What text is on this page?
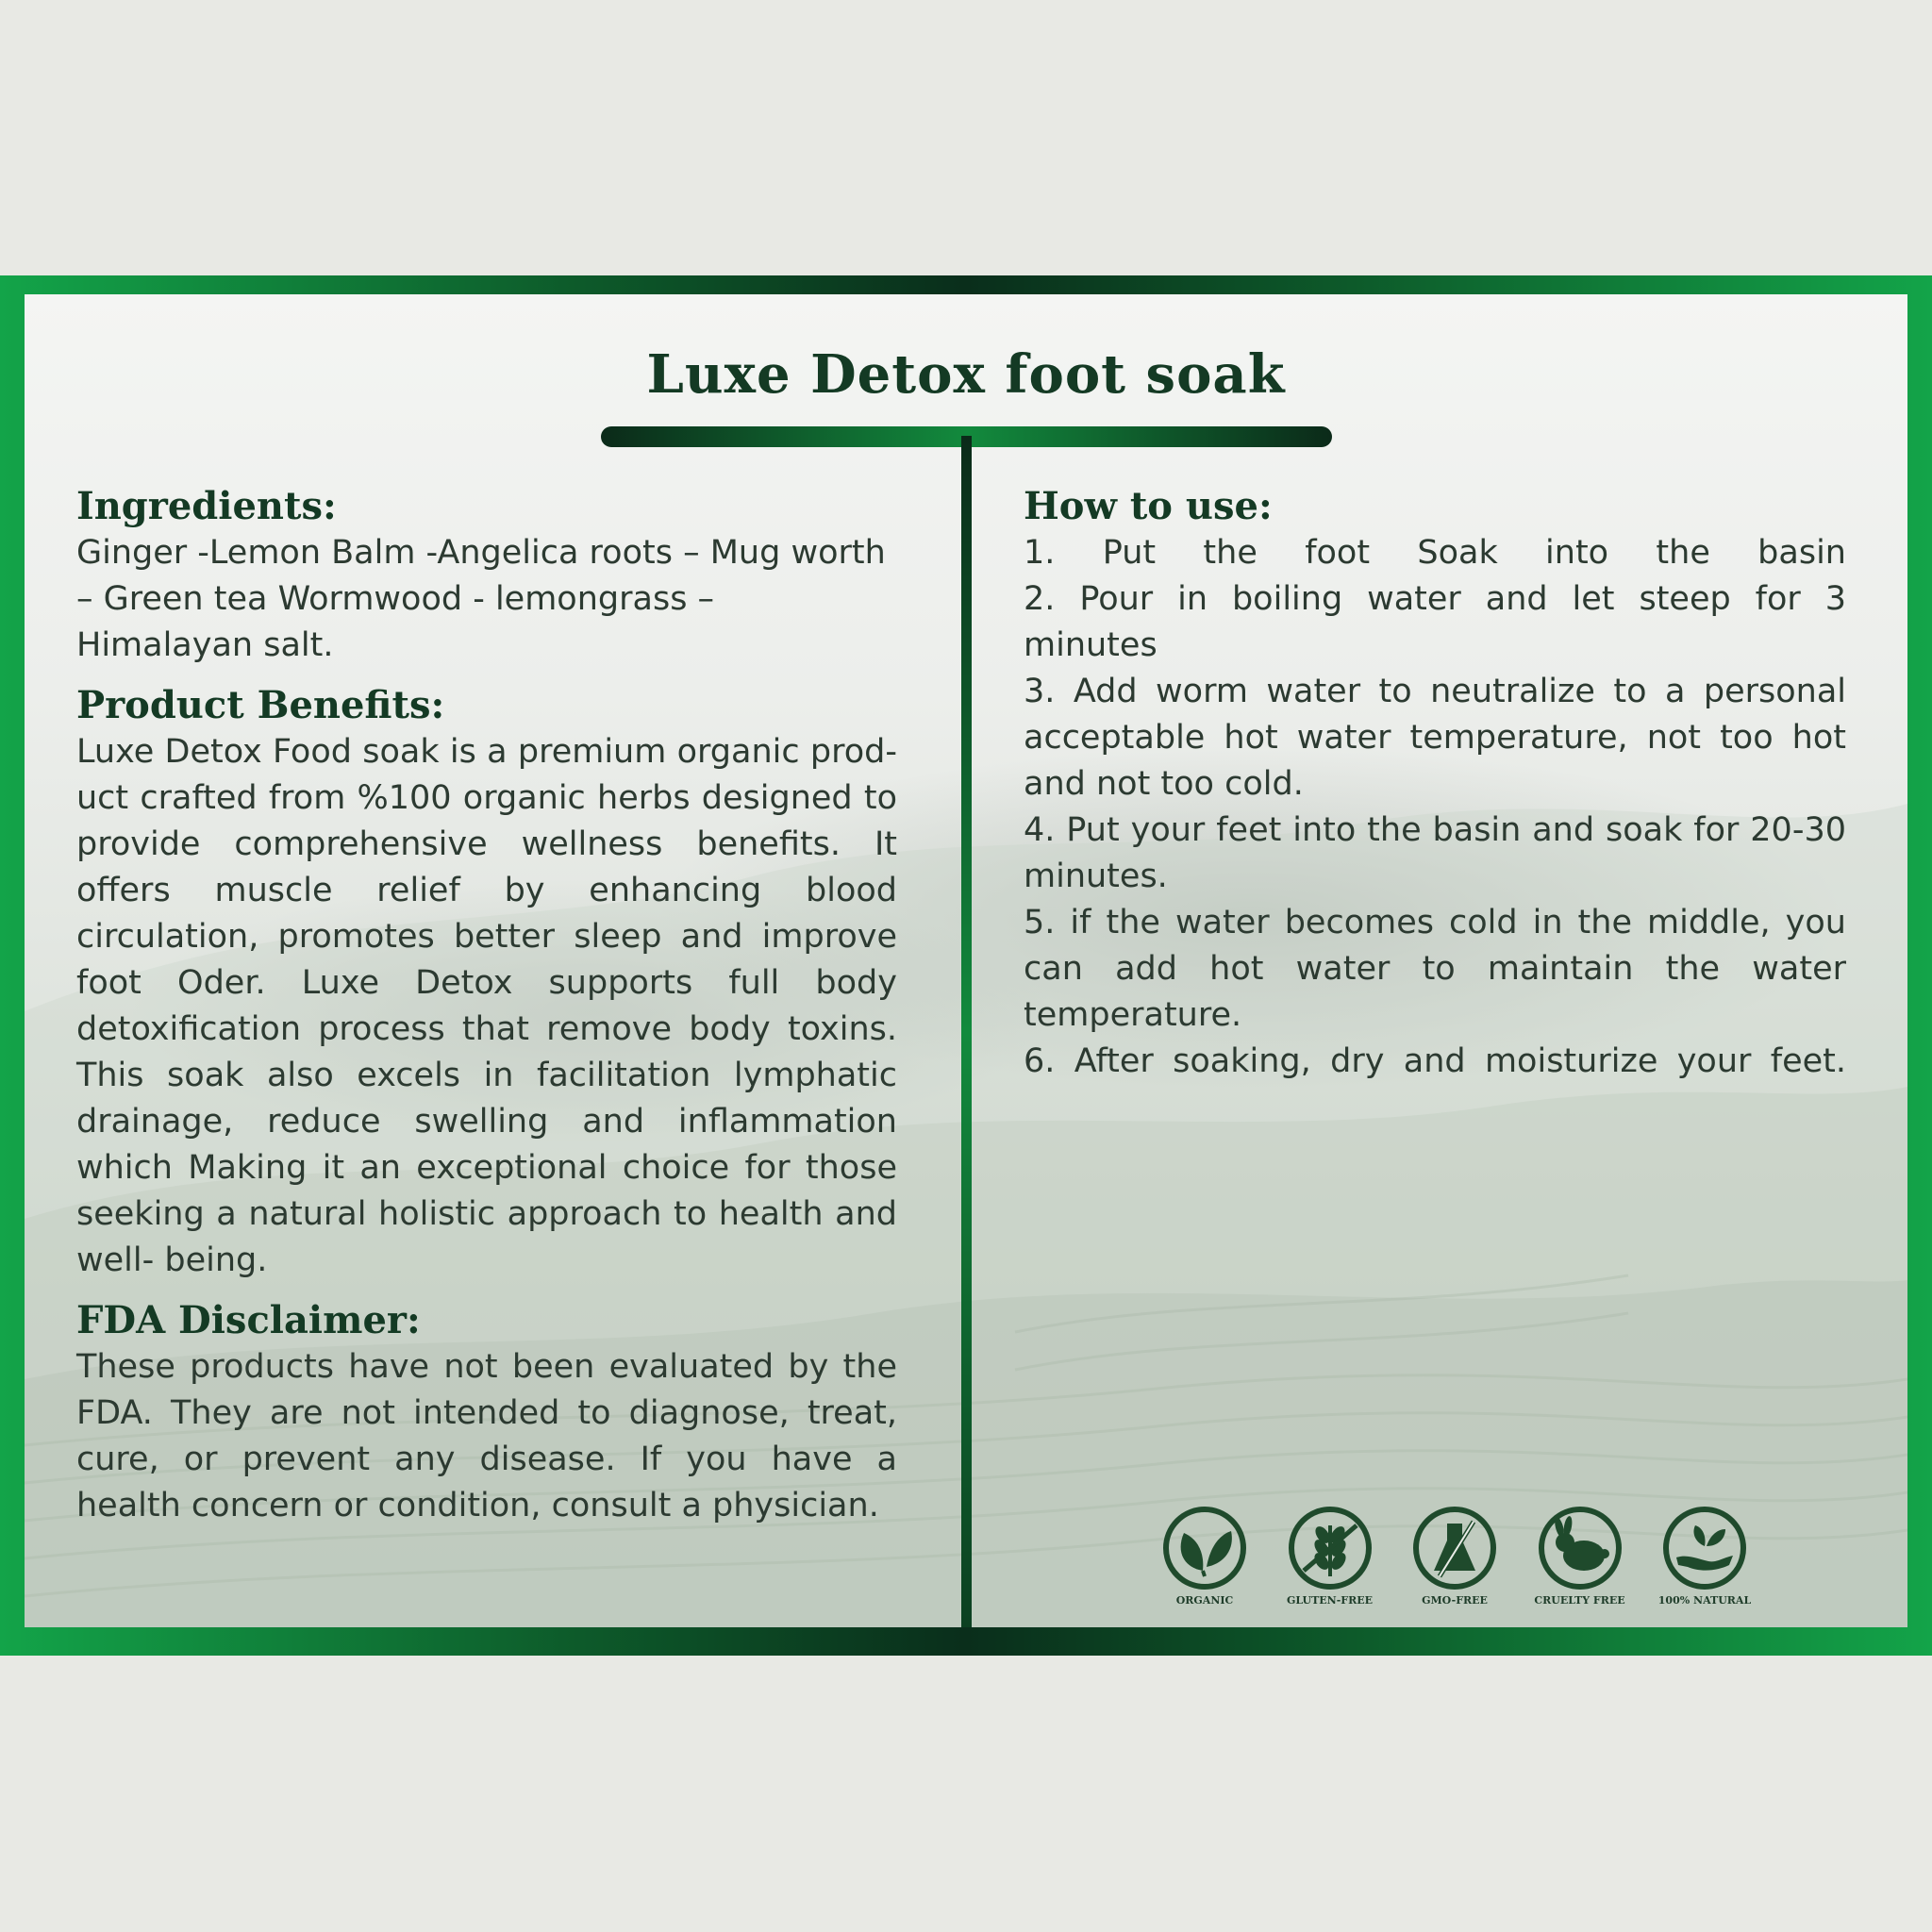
Luxe Detox foot soak
Ingredients:

Ginger -Lemon Balm -Angelica roots – Mug worth – Green tea Wormwood - lemongrass – Himalayan salt.

Product Benefits:

Luxe Detox Food soak is a premium organic prod-uct crafted from %100 organic herbs designed to provide comprehensive wellness benefits. It offers muscle relief by enhancing blood circulation, promotes better sleep and improve foot Oder. Luxe Detox supports full body detoxification process that remove body toxins. This soak also excels in facilitation lymphatic drainage, reduce swelling and inflammation which Making it an exceptional choice for those seeking a natural holistic approach to health and well- being.

FDA Disclaimer:

These products have not been evaluated by the FDA. They are not intended to diagnose, treat, cure, or prevent any disease. If you have a health concern or condition, consult a physician.

How to use:

1. Put the foot Soak into the basin

2. Pour in boiling water and let steep for 3 minutes

3. Add worm water to neutralize to a personal acceptable hot water temperature, not too hot and not too cold.

4. Put your feet into the basin and soak for 20-30 minutes.

5. if the water becomes cold in the middle, you can add hot water to maintain the water temperature.

6. After soaking, dry and moisturize your feet.

ORGANIC	GLUTEN-FREE	GMO-FREE	CRUELTY FREE	100% NATURAL
